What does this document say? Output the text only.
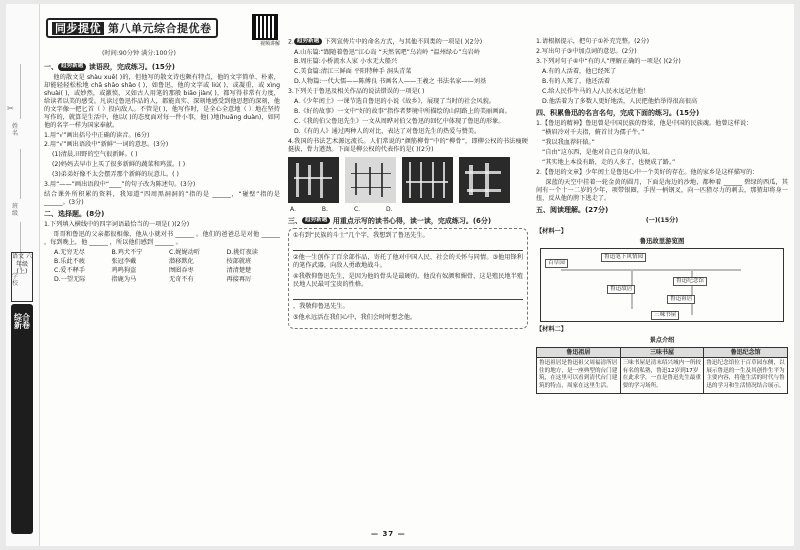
姓名
班级
学校
✂
语文 六年级(上)
综合新卷
同步提优 第八单元综合提优卷
视频讲解
(时间:90分钟 满分:100分)
一、 趋势新题 读语段，完成练习。(15分)
他的散文是 shàu xuě( )的，但他写的散文诗也颇有特点，他的文字简单、朴素，却能轻轻松松地 chā shāo shǎo ( )，如鲁迅，他的文字或 liú( )，或凝重，或 xìng shuài( )，或妙然，或激愤，又如古人用笔的那般 biāo jiàn( )，都写得非常有力度，给读者以美的感受。凡读过鲁迅作品的人，都能真实、深刻地感受到他思想的深刻，他的文字像一把匕首（ ）投向敌人。不管是( )，他写作时，是全心全意地（ ）地在坚持写作的，就算是生活中，他以( )的态度面对每一件小事，他( )地(huāng duàn)，如同他的名字一样为国家奉献。
1.用“√”画出括号中正确的读音。(6分)
2.用“√”画出语段中“新鲜”一词的意思。(3分)
(1)清晨,田野的空气很新鲜。( )
(2)妈妈去早市上买了很多新鲜的蔬菜和鸡蛋。( )
(3)弟弟好像不太会摆弄那个新鲜的玩意儿。( )
3.用“——”画出语段中“____”的句子改为陈述句。(3分)
结合课外所积累的资料，我知道“四周黑洞洞的”指的是 ______，“碰壁”指的是 ______。(3分)
二、选择题。(8分)
1.下列填入横线中的四字词语最恰当的一项是( )(2分)
哥哥和鲁迅的父亲都很相像，他从小就对书 ______ 。他们的爸爸总是对他 ______ ，每到晚上，他 ______ ，所以他们感到 ______ 。
A.无穷无尽	B.鸡犬不宁	C.娓娓动听	D.挑灯夜读
B.乐此不疲	张冠李戴	潜移默化	按部就班
C.爱不释手	鸡鸣狗盗	囫囵吞枣	清清楚楚
D.一望无际	指鹿为马	无奇不有	再接再厉
2. 趋势新题 下列宣传片中的命名方式，与其他不同类的一项是( )(2分)
A.山东篇:“跟随着鲁迅”江心岛 “天然氧吧”乌岩岭 “温州绿心”乌岩岭
B.周庄篇:小桥流水人家 小水无大船兴
C.美食篇:清江三鲜面 平阳特种手 洞头青菜
D.人物篇:一代大儒——陈傅良 书画名人——王羲之 书法名家——刘基
3.下列关于鲁迅及相关作品的说法错误的一项是( )
A.《少年闰土》一课节选自鲁迅的小说《故乡》，展现了当时的社会风貌。
B.《好的故事》一文中“好的故事”指作者梦境中所描绘的山阴路上的美丽画面。
C.《我的伯父鲁迅先生》一文从周晔对伯父鲁迅的回忆中体现了鲁迅的形象。
D.《有的人》通过两种人的对比，表达了对鲁迅先生的热爱与赞美。
4.我国的书法艺术源远流长。人们常说的“颜筋柳骨”中的“柳骨”，即柳公权的书法瘦硬挺拔，骨力遒劲。下面是柳公权的代表作的是( )(2分)
A.	B.	C.	D.
三、 趋势新题 用重点示写的读书心得，读一读，完成练习。(6分)
①有到“民族的斗士”几个字，我想到了鲁迅先生。
②他一生创作了百余部作品，寄托了他对中国人民、社会的关怀与同情。③他用锋利的笔作武器，向敌人勇敢地战斗。
④我敬仰鲁迅先生，是因为他的骨头是最硬的，他没有奴颜和媚骨，这是殖民地半殖民地人民最可宝贵的性格。
，我敬仰鲁迅先生。
⑤他永远活在我们心中，我们会时时想念他。
1.请根据提示，把句子①补充完整。(2分)
2.写出句子③中加点词的意思。(2分)
3.下列对句子④中“有的人”理解正确的一项是( )(2分)
A.有的人活着，他已经死了
B.有的人死了，他还活着
C.给人民作牛马的人/人民永远记住他！
D.他活着为了多数人更好地活，人民把他抬举得很高很高
四、积累鲁迅的名言名句，完成下面的练习。(15分)
1.【鲁迅的精神】鲁迅曾是中国民族的脊梁，他是中国的民族魂。他曾这样说：
“横眉冷对千夫指，俯首甘为孺子牛。”
“我以我血荐轩辕。”
“自由”这东西，是他对自己自身的认知。
“其实地上本没有路，走的人多了，也便成了路。”
2.【鲁迅的文章】少年闰土是鲁迅心中一个美好的存在。他的家乡是这样描写的：
深蓝的天空中挂着一轮金黄的圆月，下面是海边的沙地，都种着 ______ 碧绿的西瓜，其间有一个十一二岁的少年，项带银圈，手捏一柄钢叉，向一匹猹尽力的刺去，那猹却将身一扭，反从他的胯下逃走了。
五、阅读理解。(27分)
(一)(15分)
【材料一】
鲁迅故里游览图
百草园
鲁迅笔下风情园
鲁迅纪念馆
鲁迅故居
鲁迅祖居
三味书屋
【材料二】
景点介绍
鲁迅祖居	三味书屋	鲁迅纪念馆
鲁迅祖居是鲁迅祖父周福清所居住的地方，是一座典型的台门建筑，在这里可以看到清代台门建筑的特点，周家在这里生活。	三味书屋是清末绍兴城内一所较有名的私塾，鲁迅12岁到17岁在此求学，一直是鲁迅先生最重要的学习场所。	鲁迅纪念馆位于百草园东侧，以展示鲁迅的一生及其创作生平为主要内容，将他生活的时代与鲁迅的学习和生活情况结合展示。
— 37 —
